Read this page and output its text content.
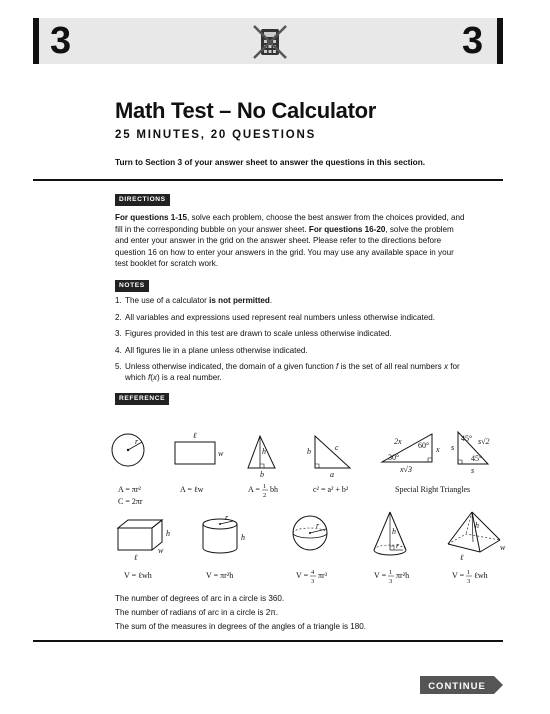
3	3
Math Test – No Calculator
25 MINUTES, 20 QUESTIONS
Turn to Section 3 of your answer sheet to answer the questions in this section.
DIRECTIONS
For questions 1-15, solve each problem, choose the best answer from the choices provided, and fill in the corresponding bubble on your answer sheet. For questions 16-20, solve the problem and enter your answer in the grid on the answer sheet. Please refer to the directions before question 16 on how to enter your answers in the grid. You may use any available space in your test booklet for scratch work.
NOTES
1. The use of a calculator is not permitted.
2. All variables and expressions used represent real numbers unless otherwise indicated.
3. Figures provided in this test are drawn to scale unless otherwise indicated.
4. All figures lie in a plane unless otherwise indicated.
5. Unless otherwise indicated, the domain of a given function f is the set of all real numbers x for which f(x) is a real number.
REFERENCE
r
A = πr²
C = 2πr
ℓ
w
A = ℓw
h
b
A = 1
2
bh
b	c
a
c² = a² + b²
2x 60° x
30°
x√3
45°
s
s√2
45°
s
Special Right Triangles
h
w
ℓ
V = ℓwh
r
h
V = πr²h
r
V = 4
3
πr³
h
r
V = 1
3
πr²h
h
w
ℓ
V = 1
3
ℓwh
The number of degrees of arc in a circle is 360.
The number of radians of arc in a circle is 2π.
The sum of the measures in degrees of the angles of a triangle is 180.
CONTINUE
